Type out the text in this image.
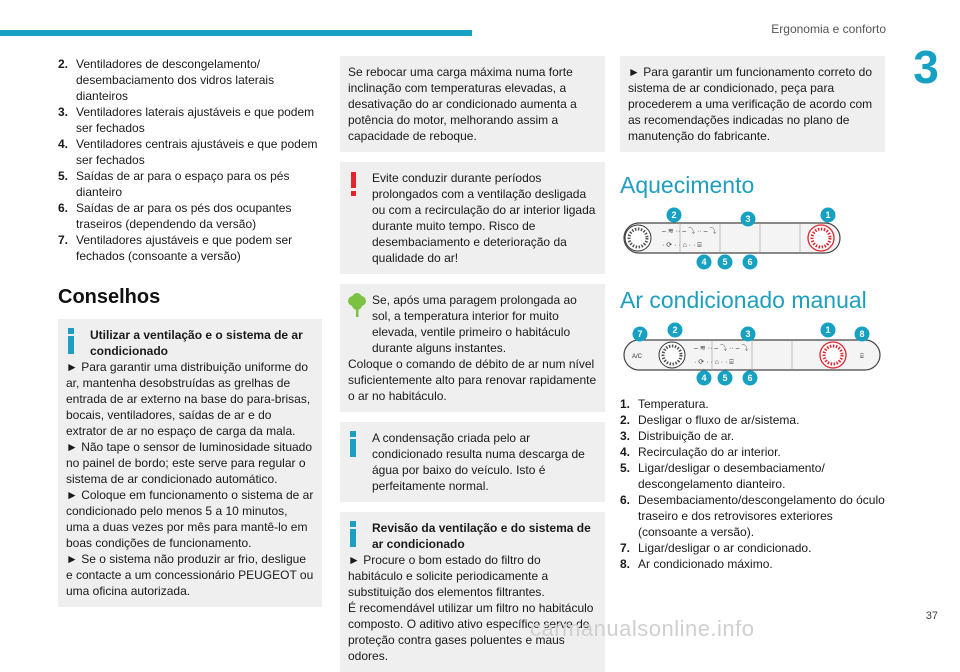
Ergonomia e conforto
3
2. Ventiladores de descongelamento/ desembaciamento dos vidros laterais dianteiros
3. Ventiladores laterais ajustáveis e que podem ser fechados
4. Ventiladores centrais ajustáveis e que podem ser fechados
5. Saídas de ar para o espaço para os pés dianteiro
6. Saídas de ar para os pés dos ocupantes traseiros (dependendo da versão)
7. Ventiladores ajustáveis e que podem ser fechados (consoante a versão)
Conselhos

Utilizar a ventilação e o sistema de ar condicionado

► Para garantir uma distribuição uniforme do ar, mantenha desobstruídas as grelhas de entrada de ar externo na base do para-brisas, bocais, ventiladores, saídas de ar e do extrator de ar no espaço de carga da mala.

► Não tape o sensor de luminosidade situado no painel de bordo; este serve para regular o sistema de ar condicionado automático.

► Coloque em funcionamento o sistema de ar condicionado pelo menos 5 a 10 minutos, uma a duas vezes por mês para mantê-lo em boas condições de funcionamento.

► Se o sistema não produzir ar frio, desligue e contacte a um concessionário PEUGEOT ou uma oficina autorizada.

Se rebocar uma carga máxima numa forte inclinação com temperaturas elevadas, a desativação do ar condicionado aumenta a potência do motor, melhorando assim a capacidade de reboque.

Evite conduzir durante períodos prolongados com a ventilação desligada ou com a recirculação do ar interior ligada durante muito tempo. Risco de desembaciamento e deterioração da qualidade do ar!

Se, após uma paragem prolongada ao sol, a temperatura interior for muito elevada, ventile primeiro o habitáculo durante alguns instantes.

Coloque o comando de débito de ar num nível suficientemente alto para renovar rapidamente o ar no habitáculo.

A condensação criada pelo ar condicionado resulta numa descarga de água por baixo do veículo. Isto é perfeitamente normal.

Revisão da ventilação e do sistema de ar condicionado

► Procure o bom estado do filtro do habitáculo e solicite periodicamente a substituição dos elementos filtrantes.

É recomendável utilizar um filtro no habitáculo composto. O aditivo ativo específico serve de proteção contra gases poluentes e maus odores.

► Para garantir um funcionamento correto do sistema de ar condicionado, peça para procederem a uma verificação de acordo com as recomendações indicadas no plano de manutenção do fabricante.

Aquecimento
– ≋ ·· – ⤵ ·· – ⤵
· ⟳ · · ⌂ · · ⌸
2	3	1
4 5 6
Ar condicionado manual
A/C	⌸
– ≋ ·· – ⤵ ·· – ⤵
· ⟳ · · ⌂ · · ⌸
7	2	3	1	8
4 5 6
1. Temperatura.
2. Desligar o fluxo de ar/sistema.
3. Distribuição de ar.
4. Recirculação do ar interior.
5. Ligar/desligar o desembaciamento/ descongelamento dianteiro.
6. Desembaciamento/descongelamento do óculo traseiro e dos retrovisores exteriores (consoante a versão).
7. Ligar/desligar o ar condicionado.
8. Ar condicionado máximo.
carmanualsonline.info	37
